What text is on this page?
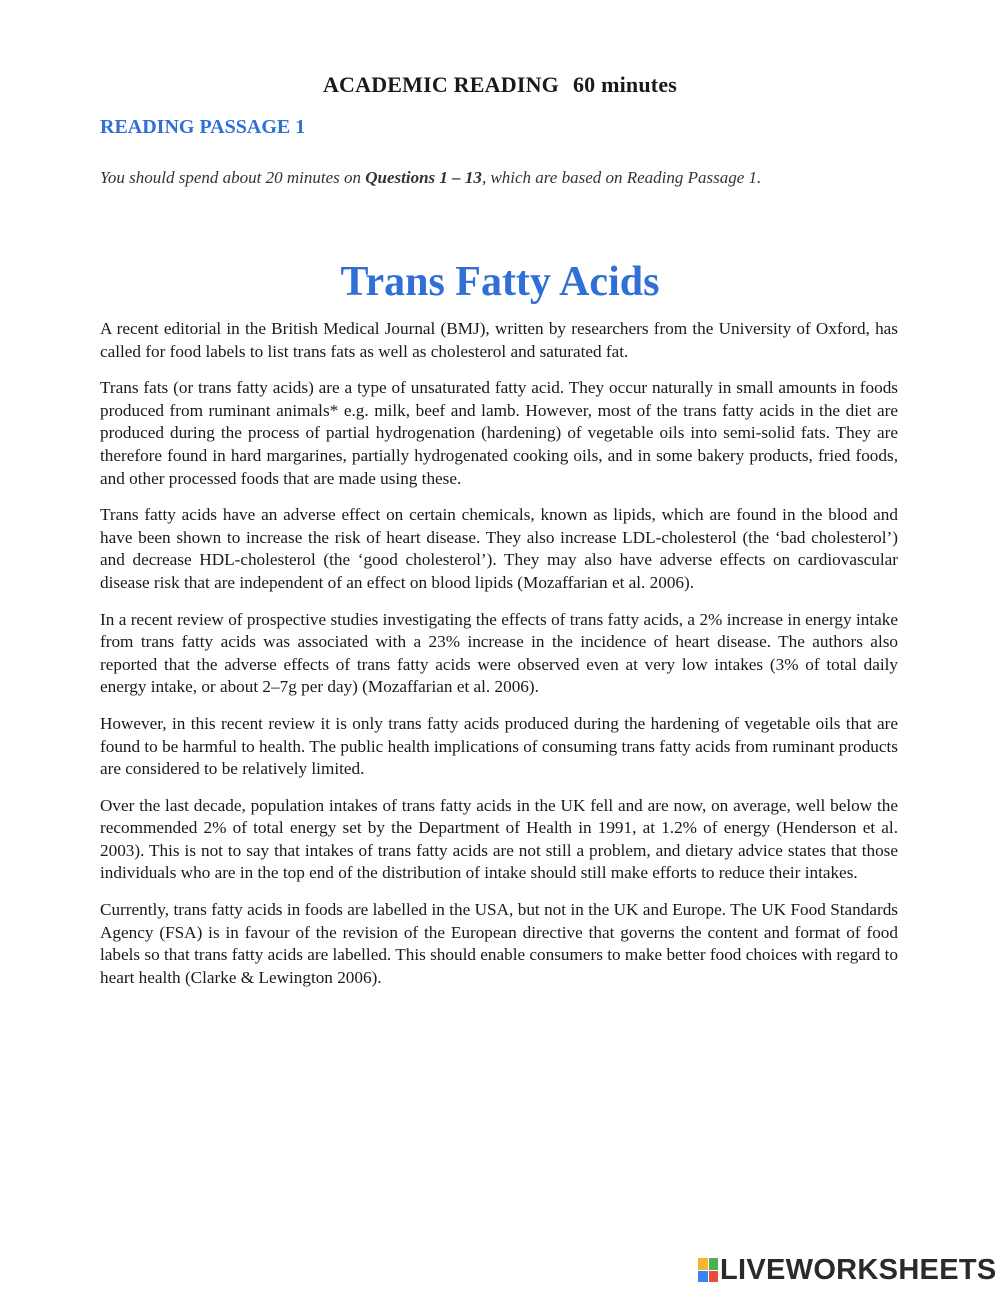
ACADEMIC READING 60 minutes
READING PASSAGE 1
You should spend about 20 minutes on Questions 1 – 13, which are based on Reading Passage 1.
Trans Fatty Acids

A recent editorial in the British Medical Journal (BMJ), written by researchers from the University of Oxford, has called for food labels to list trans fats as well as cholesterol and saturated fat.

Trans fats (or trans fatty acids) are a type of unsaturated fatty acid. They occur naturally in small amounts in foods produced from ruminant animals* e.g. milk, beef and lamb. However, most of the trans fatty acids in the diet are produced during the process of partial hydrogenation (hardening) of vegetable oils into semi-solid fats. They are therefore found in hard margarines, partially hydrogenated cooking oils, and in some bakery products, fried foods, and other processed foods that are made using these.

Trans fatty acids have an adverse effect on certain chemicals, known as lipids, which are found in the blood and have been shown to increase the risk of heart disease. They also increase LDL-cholesterol (the ‘bad cholesterol’) and decrease HDL-cholesterol (the ‘good cholesterol’). They may also have adverse effects on cardiovascular disease risk that are independent of an effect on blood lipids (Mozaffarian et al. 2006).

In a recent review of prospective studies investigating the effects of trans fatty acids, a 2% increase in energy intake from trans fatty acids was associated with a 23% increase in the incidence of heart disease. The authors also reported that the adverse effects of trans fatty acids were observed even at very low intakes (3% of total daily energy intake, or about 2–7g per day) (Mozaffarian et al. 2006).

However, in this recent review it is only trans fatty acids produced during the hardening of vegetable oils that are found to be harmful to health. The public health implications of consuming trans fatty acids from ruminant products are considered to be relatively limited.

Over the last decade, population intakes of trans fatty acids in the UK fell and are now, on average, well below the recommended 2% of total energy set by the Department of Health in 1991, at 1.2% of energy (Henderson et al. 2003). This is not to say that intakes of trans fatty acids are not still a problem, and dietary advice states that those individuals who are in the top end of the distribution of intake should still make efforts to reduce their intakes.

Currently, trans fatty acids in foods are labelled in the USA, but not in the UK and Europe. The UK Food Standards Agency (FSA) is in favour of the revision of the European directive that governs the content and format of food labels so that trans fatty acids are labelled. This should enable consumers to make better food choices with regard to heart health (Clarke & Lewington 2006).

LIVEWORKSHEETS
